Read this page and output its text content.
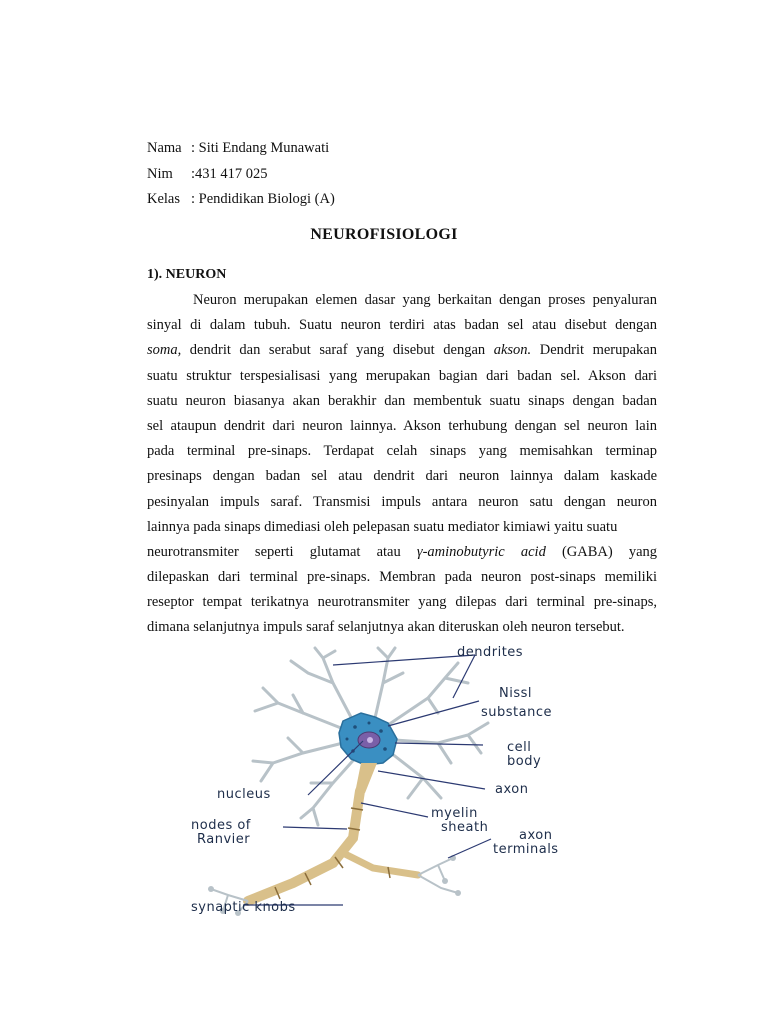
Nama : Siti Endang Munawati
Nim :431 417 025
Kelas : Pendidikan Biologi (A)
NEUROFISIOLOGI
1). NEURON
Neuron merupakan elemen dasar yang berkaitan dengan proses penyaluran
sinyal di dalam tubuh. Suatu neuron terdiri atas badan sel atau disebut dengan
soma, dendrit dan serabut saraf yang disebut dengan akson. Dendrit merupakan
suatu struktur terspesialisasi yang merupakan bagian dari badan sel. Akson dari
suatu neuron biasanya akan berakhir dan membentuk suatu sinaps dengan badan
sel ataupun dendrit dari neuron lainnya. Akson terhubung dengan sel neuron lain
pada terminal pre-sinaps. Terdapat celah sinaps yang memisahkan terminap
presinaps dengan badan sel atau dendrit dari neuron lainnya dalam kaskade
pesinyalan impuls saraf. Transmisi impuls antara neuron satu dengan neuron
lainnya pada sinaps dimediasi oleh pelepasan suatu mediator kimiawi yaitu suatu
neurotransmiter seperti glutamat atau γ-aminobutyric acid (GABA) yang
dilepaskan dari terminal pre-sinaps. Membran pada neuron post-sinaps memiliki
reseptor tempat terikatnya neurotransmiter yang dilepas dari terminal pre-sinaps,
dimana selanjutnya impuls saraf selanjutnya akan diteruskan oleh neuron tersebut.
dendrites
Nissl
substance
cell
body
axon
nucleus
myelin
sheath
nodes of
Ranvier	axon
terminals
synaptic knobs
